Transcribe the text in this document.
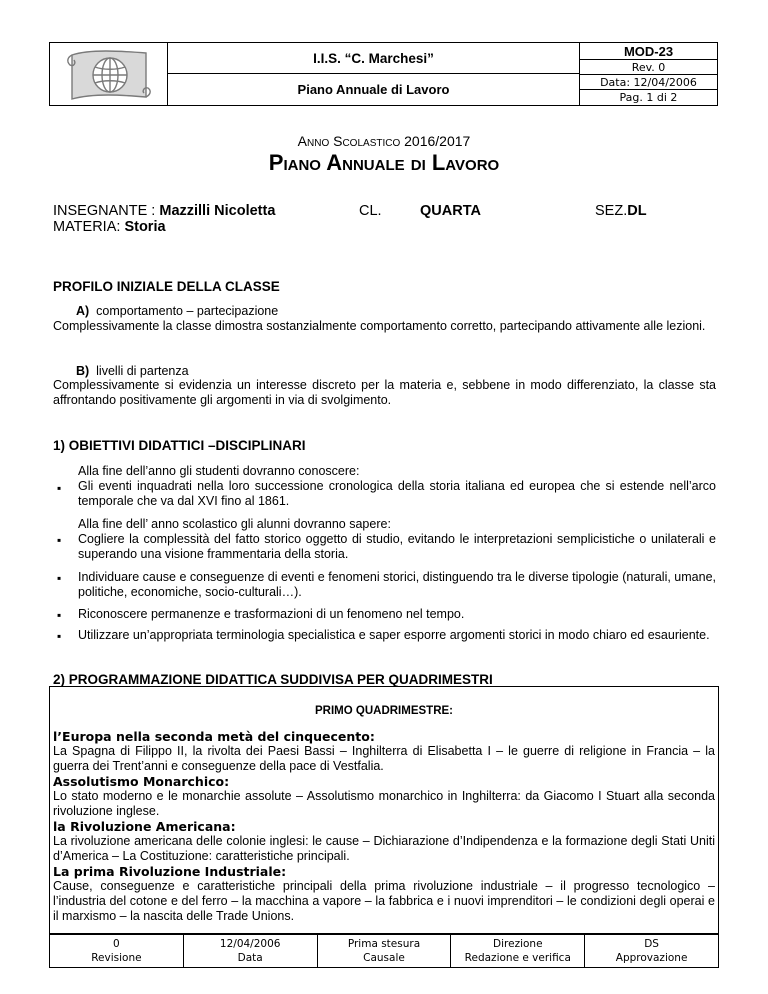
I.I.S. “C. Marchesi”
Piano Annuale di Lavoro
MOD-23
Rev. 0
Data: 12/04/2006
Pag. 1 di 2
Anno Scolastico 2016/2017
Piano Annuale di Lavoro
INSEGNANTE : Mazzilli Nicoletta
MATERIA: Storia
CL.	QUARTA	SEZ.DL
PROFILO INIZIALE DELLA CLASSE
A) comportamento – partecipazione
Complessivamente la classe dimostra sostanzialmente comportamento corretto, partecipando attivamente alle lezioni.
B) livelli di partenza
Complessivamente si evidenzia un interesse discreto per la materia e, sebbene in modo differenziato, la classe sta affrontando positivamente gli argomenti in via di svolgimento.
1) OBIETTIVI DIDATTICI –DISCIPLINARI
Alla fine dell’anno gli studenti dovranno conoscere:
Gli eventi inquadrati nella loro successione cronologica della storia italiana ed europea che si estende nell’arco temporale che va dal XVI fino al 1861.
▪
Alla fine dell’ anno scolastico gli alunni dovranno sapere:
Cogliere la complessità del fatto storico oggetto di studio, evitando le interpretazioni semplicistiche o unilaterali e superando una visione frammentaria della storia.
▪
Individuare cause e conseguenze di eventi e fenomeni storici, distinguendo tra le diverse tipologie (naturali, umane, politiche, economiche, socio-culturali…).
▪
Riconoscere permanenze e trasformazioni di un fenomeno nel tempo.
▪
Utilizzare un’appropriata terminologia specialistica e saper esporre argomenti storici in modo chiaro ed esauriente.
▪
2) PROGRAMMAZIONE DIDATTICA SUDDIVISA PER QUADRIMESTRI
PRIMO QUADRIMESTRE:
l’Europa nella seconda metà del cinquecento:

La Spagna di Filippo II, la rivolta dei Paesi Bassi – Inghilterra di Elisabetta I – le guerre di religione in Francia – la guerra dei Trent’anni e conseguenze della pace di Vestfalia.

Assolutismo Monarchico:

Lo stato moderno e le monarchie assolute – Assolutismo monarchico in Inghilterra: da Giacomo I Stuart alla seconda rivoluzione inglese.

la Rivoluzione Americana:

La rivoluzione americana delle colonie inglesi: le cause – Dichiarazione d’Indipendenza e la formazione degli Stati Uniti d’America – La Costituzione: caratteristiche principali.

La prima Rivoluzione Industriale:

Cause, conseguenze e caratteristiche principali della prima rivoluzione industriale – il progresso tecnologico – l’industria del cotone e del ferro – la macchina a vapore – la fabbrica e i nuovi imprenditori – le condizioni degli operai e il marxismo – la nascita delle Trade Unions.

0
Revisione
12/04/2006
Data
Prima stesura
Causale
Direzione
Redazione e verifica
DS
Approvazione
